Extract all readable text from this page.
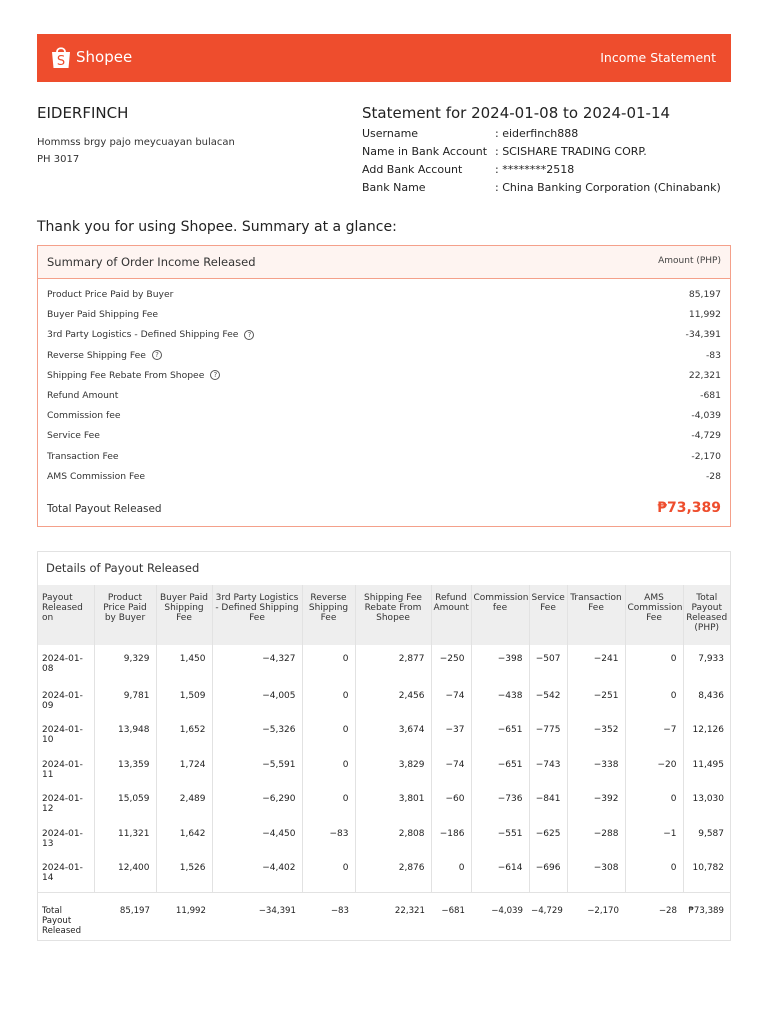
S Shopee	Income Statement
EIDERFINCH
Hommss brgy pajo meycuayan bulacan
PH 3017
Statement for 2024-01-08 to 2024-01-14
Username	: eiderfinch888
Name in Bank Account : SCISHARE TRADING CORP.
Add Bank Account	: ********2518
Bank Name	: China Banking Corporation (Chinabank)
Thank you for using Shopee. Summary at a glance:
Summary of Order Income Released	Amount (PHP)
Product Price Paid by Buyer	85,197
Buyer Paid Shipping Fee	11,992
3rd Party Logistics - Defined Shipping Fee	?	-34,391
Reverse Shipping Fee	?	-83
Shipping Fee Rebate From Shopee	?	22,321
Refund Amount	-681
Commission fee	-4,039
Service Fee	-4,729
Transaction Fee	-2,170
AMS Commission Fee	-28
Total Payout Released	₱73,389
Details of Payout Released
Payout Released on	Product Price Paid by Buyer	Buyer Paid Shipping Fee	3rd Party Logistics - Defined Shipping Fee	Reverse Shipping Fee	Shipping Fee Rebate From Shopee	Refund Amount	Commission fee	Service Fee	Transaction Fee	AMS Commission Fee	Total Payout Released (PHP)
2024-01-08	9,329	1,450	−4,327	0	2,877	−250	−398	−507	−241	0	7,933
2024-01-09	9,781	1,509	−4,005	0	2,456	−74	−438	−542	−251	0	8,436
2024-01-10	13,948	1,652	−5,326	0	3,674	−37	−651	−775	−352	−7	12,126
2024-01-11	13,359	1,724	−5,591	0	3,829	−74	−651	−743	−338	−20	11,495
2024-01-12	15,059	2,489	−6,290	0	3,801	−60	−736	−841	−392	0	13,030
2024-01-13	11,321	1,642	−4,450	−83	2,808	−186	−551	−625	−288	−1	9,587
2024-01-14	12,400	1,526	−4,402	0	2,876	0	−614	−696	−308	0	10,782
Total Payout Released	85,197	11,992	−34,391	−83	22,321	−681	−4,039	−4,729	−2,170	−28	₱73,389
